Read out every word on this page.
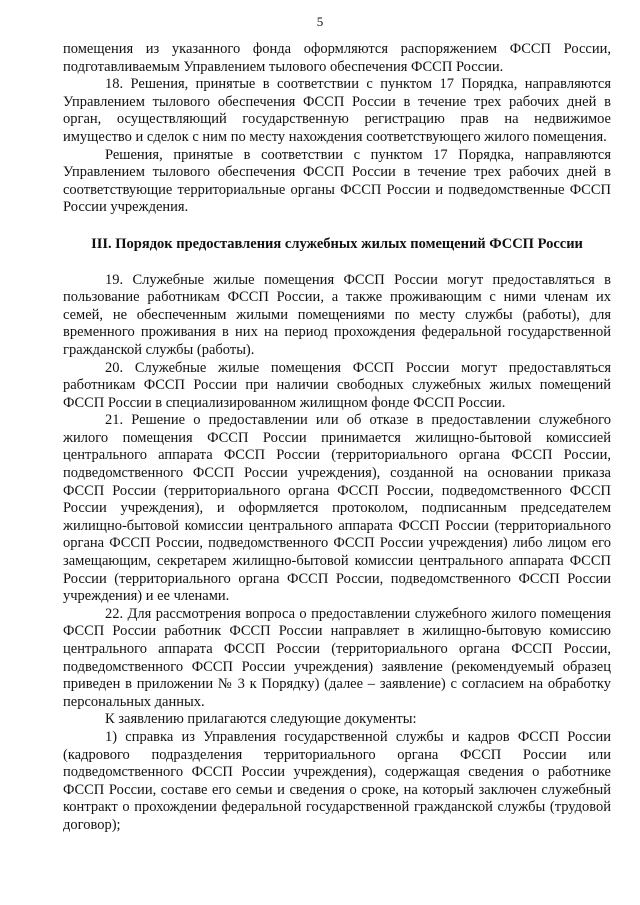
5

помещения из указанного фонда оформляются распоряжением ФССП России, подготавливаемым Управлением тылового обеспечения ФССП России.

18. Решения, принятые в соответствии с пунктом 17 Порядка, направляются Управлением тылового обеспечения ФССП России в течение трех рабочих дней в орган, осуществляющий государственную регистрацию прав на недвижимое имущество и сделок с ним по месту нахождения соответствующего жилого помещения.

Решения, принятые в соответствии с пунктом 17 Порядка, направляются Управлением тылового обеспечения ФССП России в течение трех рабочих дней в соответствующие территориальные органы ФССП России и подведомственные ФССП России учреждения.

III. Порядок предоставления служебных жилых помещений ФССП России

19. Служебные жилые помещения ФССП России могут предоставляться в пользование работникам ФССП России, а также проживающим с ними членам их семей, не обеспеченным жилыми помещениями по месту службы (работы), для временного проживания в них на период прохождения федеральной государственной гражданской службы (работы).

20. Служебные жилые помещения ФССП России могут предоставляться работникам ФССП России при наличии свободных служебных жилых помещений ФССП России в специализированном жилищном фонде ФССП России.

21. Решение о предоставлении или об отказе в предоставлении служебного жилого помещения ФССП России принимается жилищно-бытовой комиссией центрального аппарата ФССП России (территориального органа ФССП России, подведомственного ФССП России учреждения), созданной на основании приказа ФССП России (территориального органа ФССП России, подведомственного ФССП России учреждения), и оформляется протоколом, подписанным председателем жилищно-бытовой комиссии центрального аппарата ФССП России (территориального органа ФССП России, подведомственного ФССП России учреждения) либо лицом его замещающим, секретарем жилищно-бытовой комиссии центрального аппарата ФССП России (территориального органа ФССП России, подведомственного ФССП России учреждения) и ее членами.

22. Для рассмотрения вопроса о предоставлении служебного жилого помещения ФССП России работник ФССП России направляет в жилищно-бытовую комиссию центрального аппарата ФССП России (территориального органа ФССП России, подведомственного ФССП России учреждения) заявление (рекомендуемый образец приведен в приложении № 3 к Порядку) (далее – заявление) с согласием на обработку персональных данных.

К заявлению прилагаются следующие документы:

1) справка из Управления государственной службы и кадров ФССП России (кадрового подразделения территориального органа ФССП России или подведомственного ФССП России учреждения), содержащая сведения о работнике ФССП России, составе его семьи и сведения о сроке, на который заключен служебный контракт о прохождении федеральной государственной гражданской службы (трудовой договор);
